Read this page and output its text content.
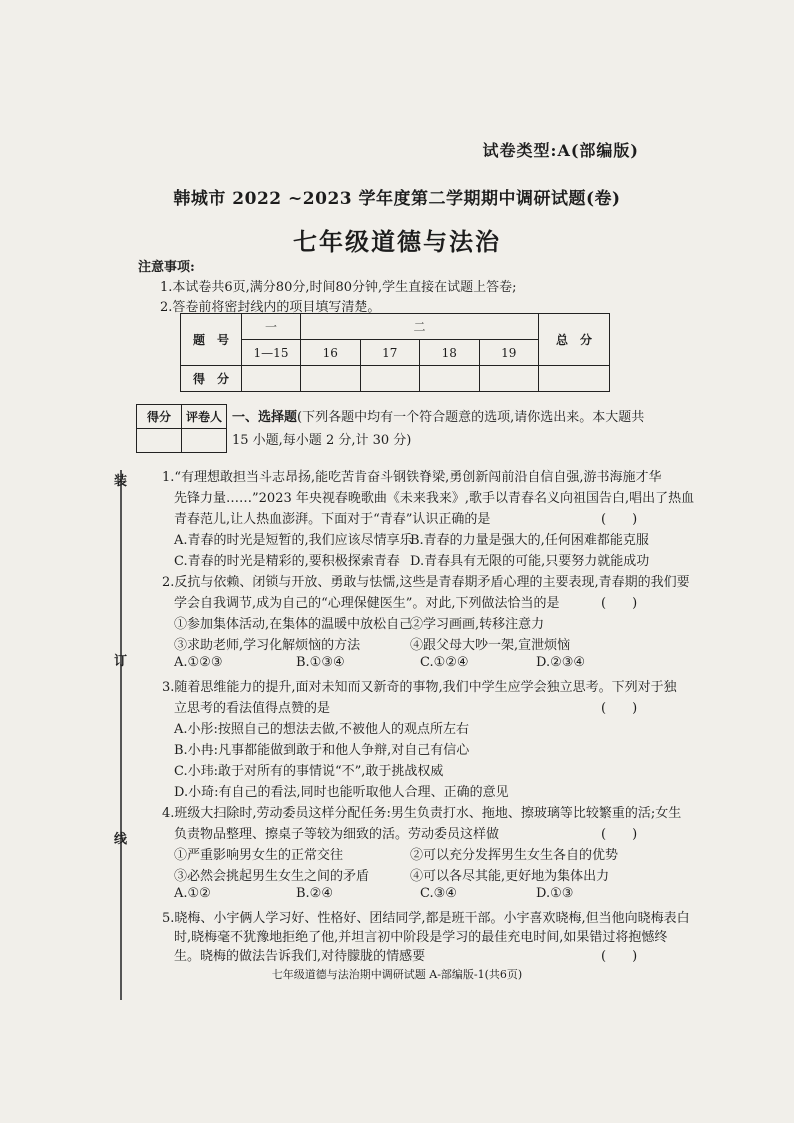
装
订
线
试卷类型:A(部编版)
韩城市 2022 ~2023 学年度第二学期期中调研试题(卷)
七年级道德与法治
注意事项:
1.本试卷共6页,满分80分,时间80分钟,学生直接在试题上答卷;
2.答卷前将密封线内的项目填写清楚。
题　号	一	二				总　分
	1—15	16	17	18	19	
得　分						
得分	评卷人
	一、选择题(下列各题中均有一个符合题意的选项,请你选出来。本大题共 15 小题,每小题 2 分,计 30 分)
1.“有理想敢担当斗志昂扬,能吃苦肯奋斗钢铁脊梁,勇创新闯前沿自信自强,游书海施才华
先锋力量……”2023 年央视春晚歌曲《未来我来》,歌手以青春名义向祖国告白,唱出了热血
青春范儿,让人热血澎湃。下面对于“青春”认识正确的是	(　　)
A.青春的时光是短暂的,我们应该尽情享乐
B.青春的力量是强大的,任何困难都能克服
C.青春的时光是精彩的,要积极探索青春 D.青春具有无限的可能,只要努力就能成功
2.反抗与依赖、闭锁与开放、勇敢与怯懦,这些是青春期矛盾心理的主要表现,青春期的我们要
学会自我调节,成为自己的“心理保健医生”。对此,下列做法恰当的是	(　　)
①参加集体活动,在集体的温暖中放松自己
②学习画画,转移注意力
③求助老师,学习化解烦恼的方法	④跟父母大吵一架,宣泄烦恼
A.①②③	B.①③④	C.①②④	D.②③④
3.随着思维能力的提升,面对未知而又新奇的事物,我们中学生应学会独立思考。下列对于独
立思考的看法值得点赞的是	(　　)
A.小彤:按照自己的想法去做,不被他人的观点所左右
B.小冉:凡事都能做到敢于和他人争辩,对自己有信心
C.小玮:敢于对所有的事情说“不”,敢于挑战权威
D.小琦:有自己的看法,同时也能听取他人合理、正确的意见
4.班级大扫除时,劳动委员这样分配任务:男生负责打水、拖地、擦玻璃等比较繁重的活;女生
负责物品整理、擦桌子等较为细致的活。劳动委员这样做	(　　)
①严重影响男女生的正常交往	②可以充分发挥男生女生各自的优势
③必然会挑起男生女生之间的矛盾	④可以各尽其能,更好地为集体出力
A.①②	B.②④	C.③④	D.①③
5.晓梅、小宇俩人学习好、性格好、团结同学,都是班干部。小宇喜欢晓梅,但当他向晓梅表白
时,晓梅毫不犹豫地拒绝了他,并坦言初中阶段是学习的最佳充电时间,如果错过将抱憾终
生。晓梅的做法告诉我们,对待朦胧的情感要	(　　)
七年级道德与法治期中调研试题 A-部编版-1(共6页)
